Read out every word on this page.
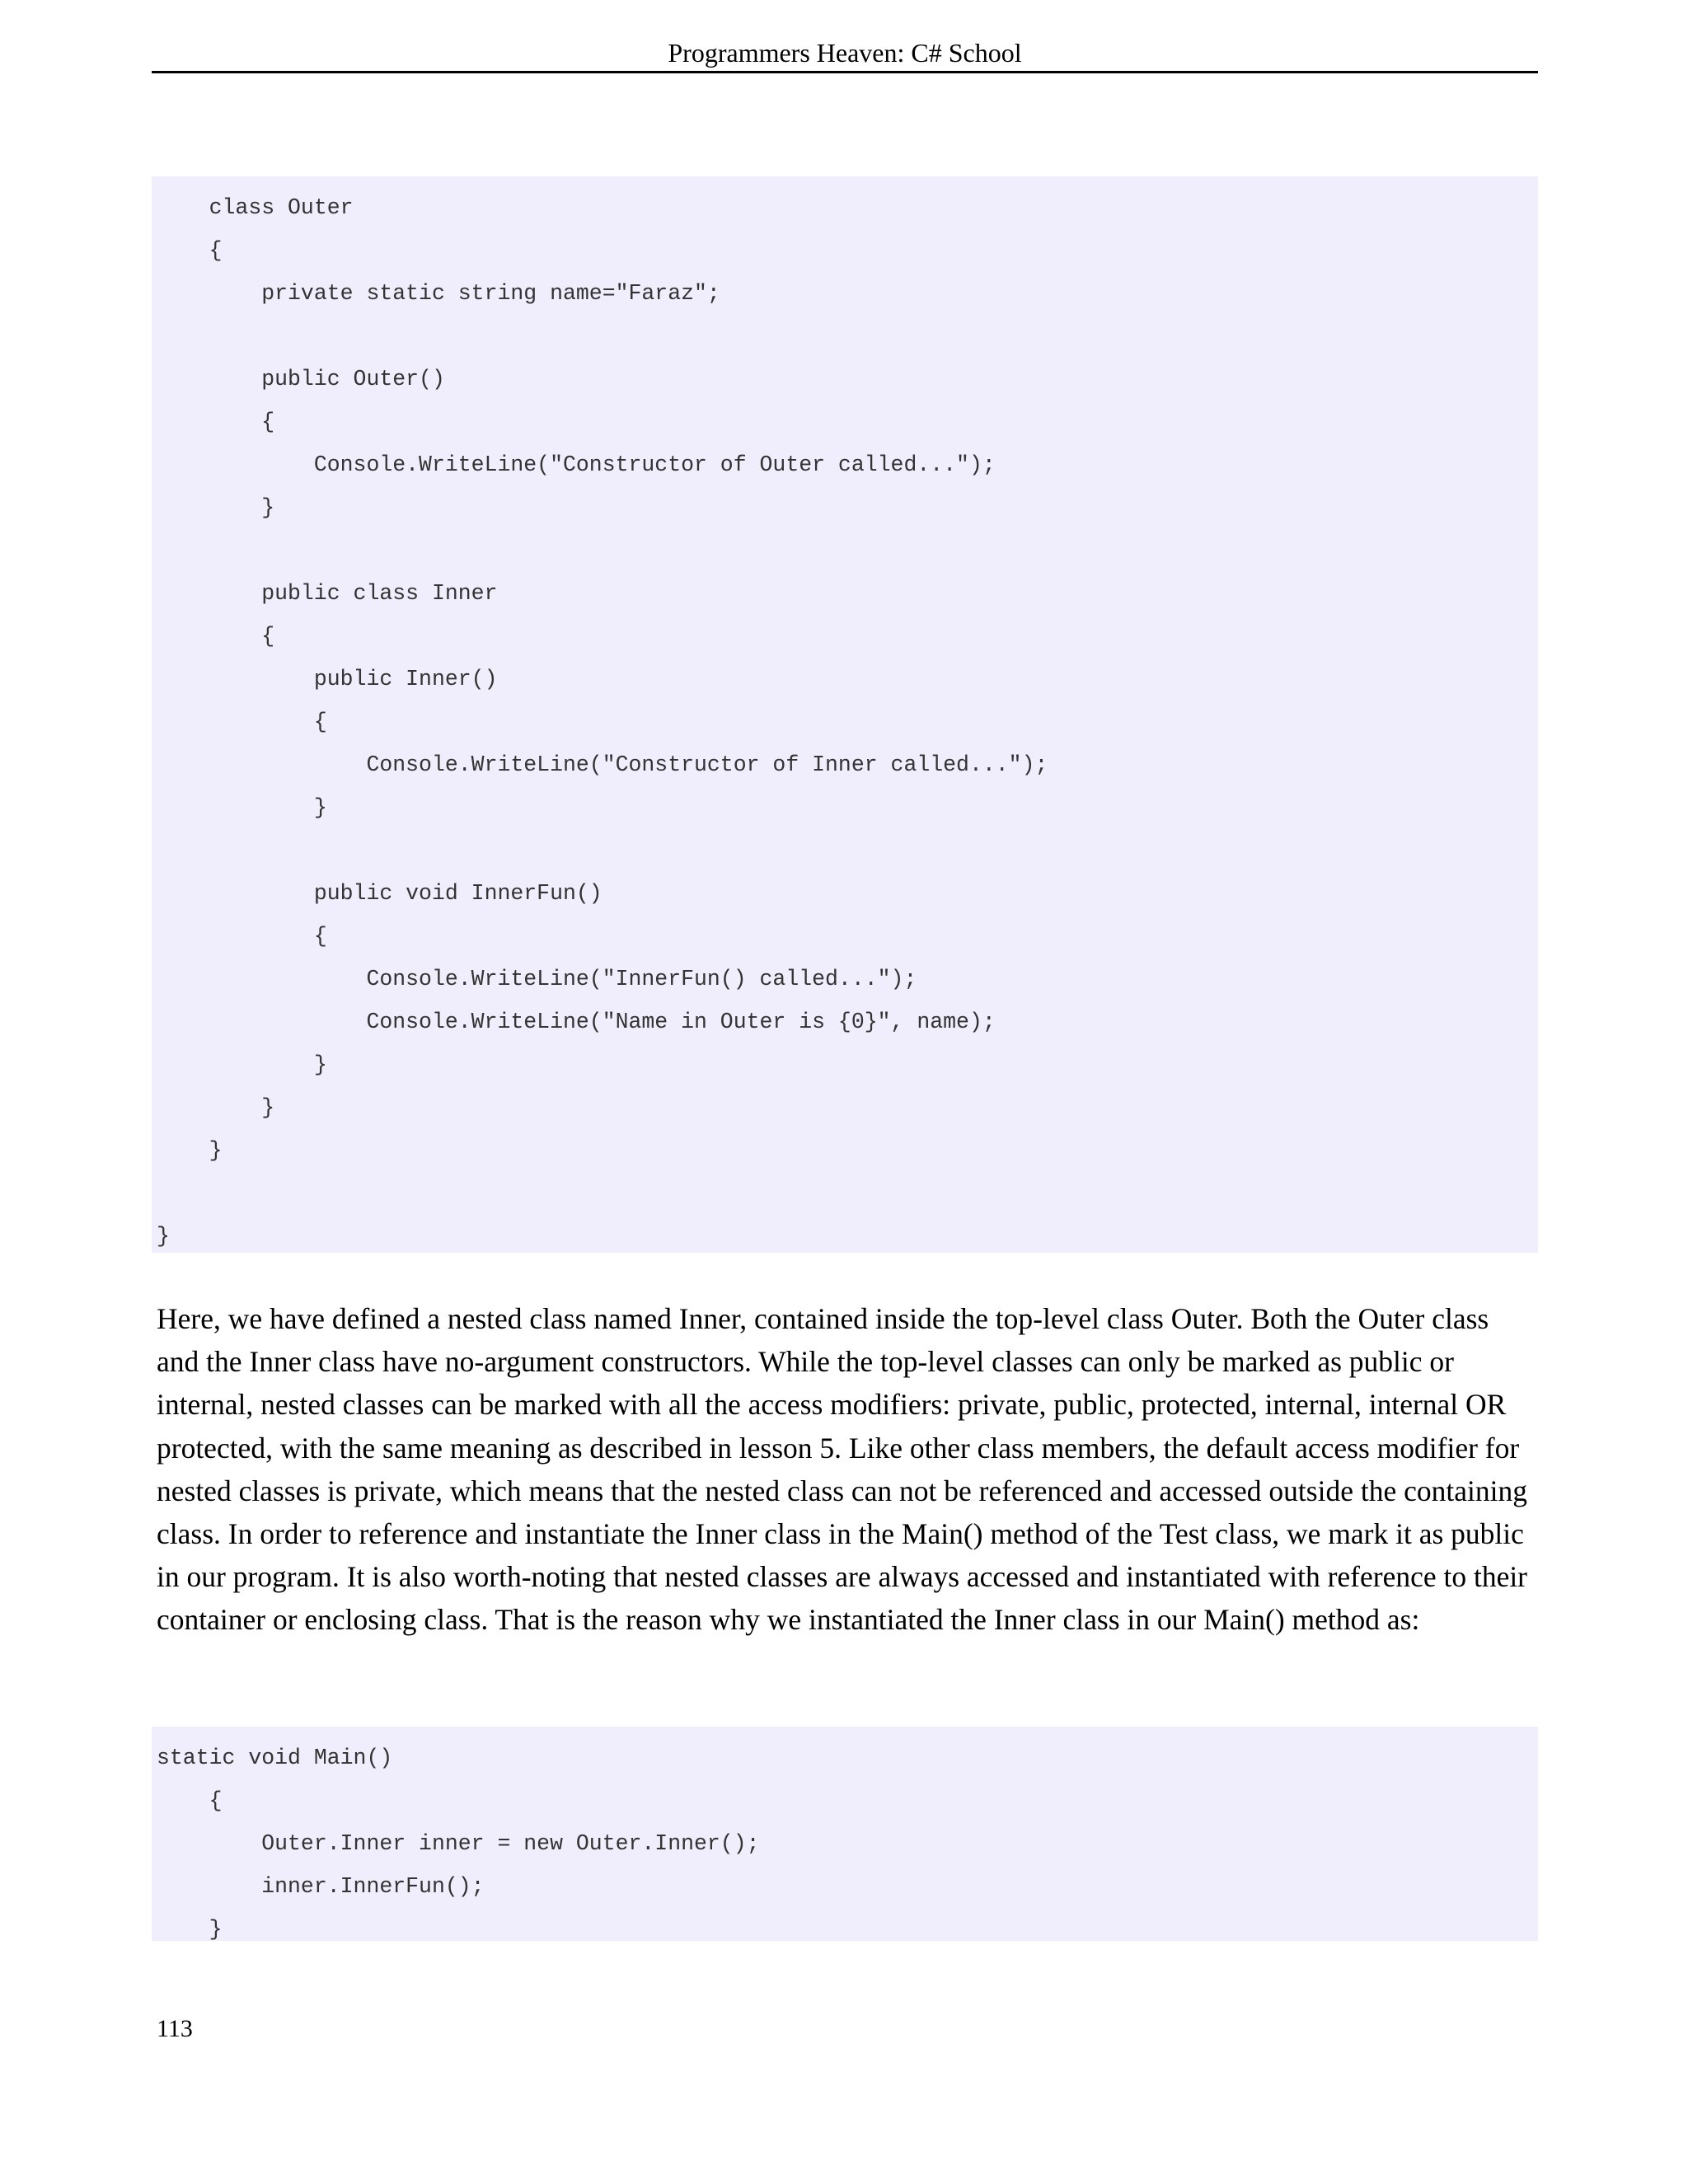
Programmers Heaven: C# School
class Outer
{
private static string name="Faraz";
public Outer()
{
Console.WriteLine("Constructor of Outer called...");
}
public class Inner
{
public Inner()
{
Console.WriteLine("Constructor of Inner called...");
}
public void InnerFun()
{
Console.WriteLine("InnerFun() called...");
Console.WriteLine("Name in Outer is {0}", name);
}
}
}
}

Here, we have defined a nested class named Inner, contained inside the top-level class Outer. Both the Outer class and the Inner class have no-argument constructors. While the top-level classes can only be marked as public or internal, nested classes can be marked with all the access modifiers: private, public, protected, internal, internal OR protected, with the same meaning as described in lesson 5. Like other class members, the default access modifier for nested classes is private, which means that the nested class can not be referenced and accessed outside the containing class. In order to reference and instantiate the Inner class in the Main() method of the Test class, we mark it as public in our program. It is also worth-noting that nested classes are always accessed and instantiated with reference to their container or enclosing class. That is the reason why we instantiated the Inner class in our Main() method as:

static void Main()
{
Outer.Inner inner = new Outer.Inner();
inner.InnerFun();
}
113
